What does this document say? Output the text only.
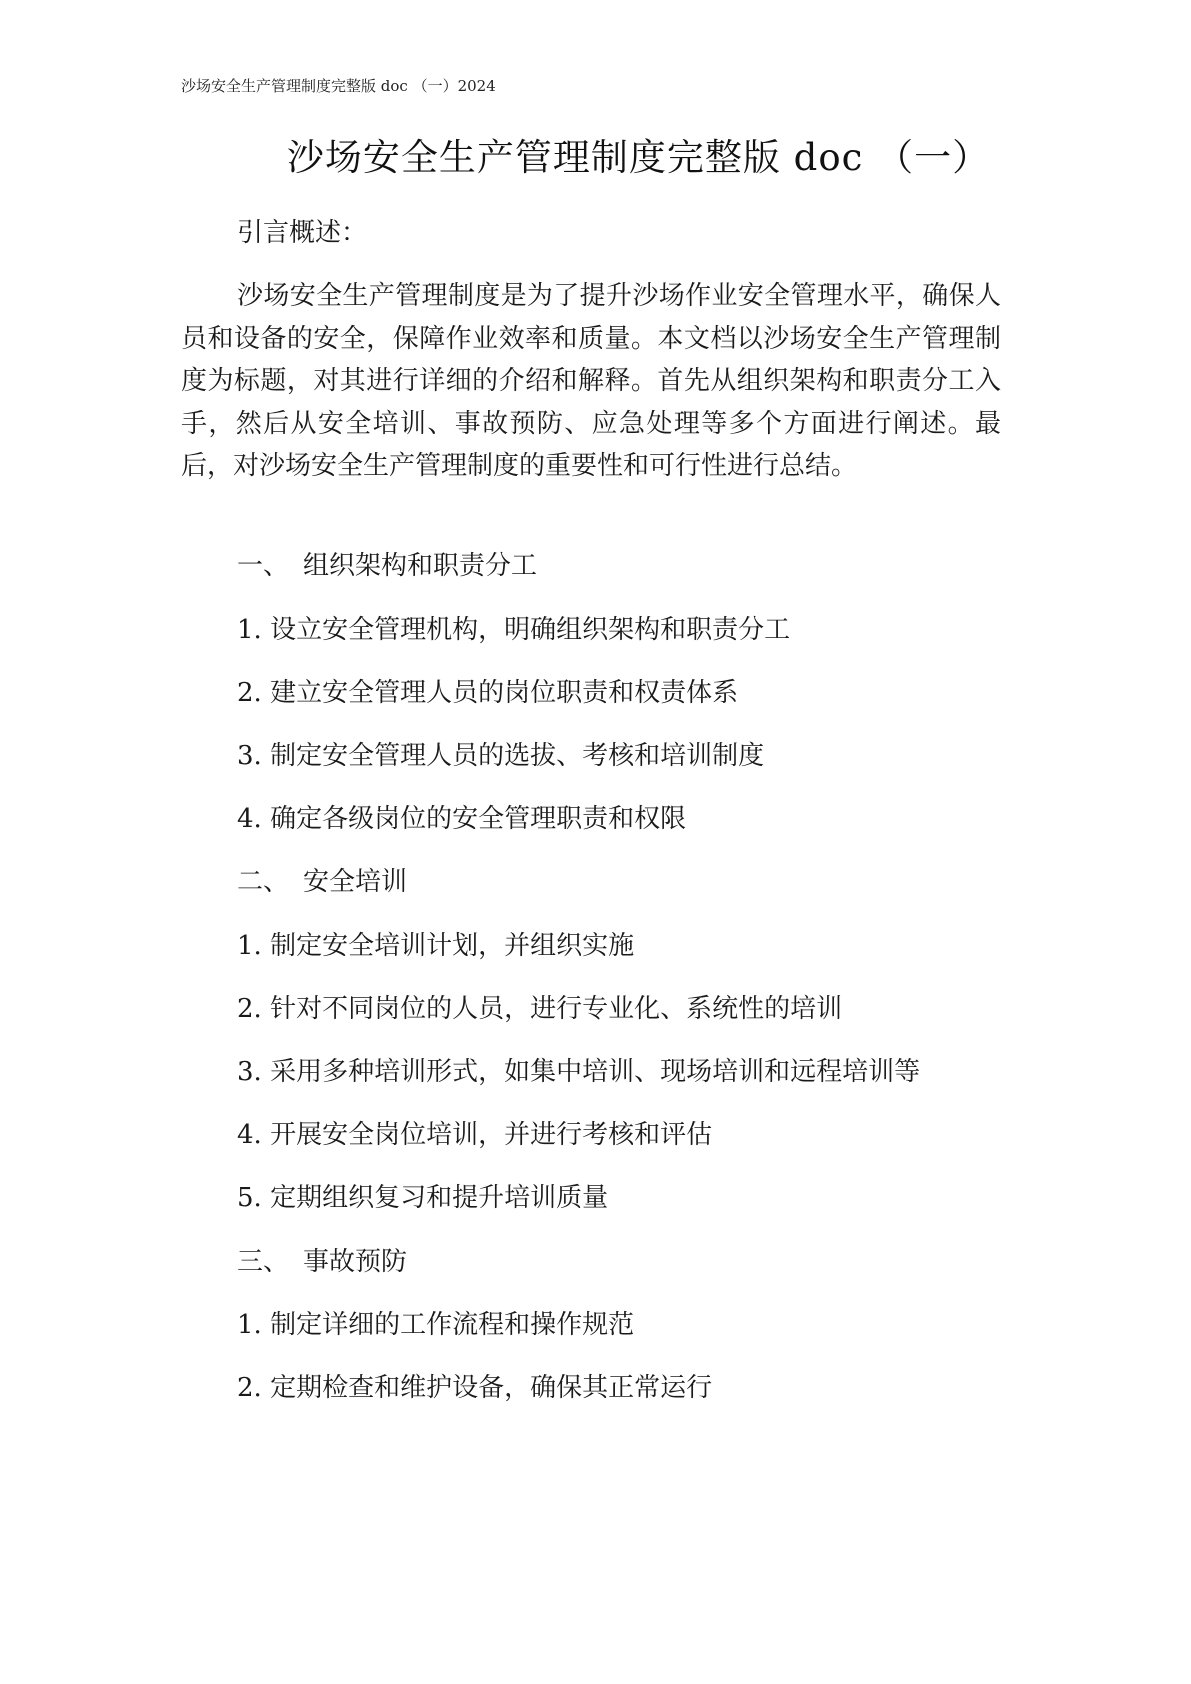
沙场安全生产管理制度完整版 doc （一）2024
沙场安全生产管理制度完整版 doc （一）
引言概述：
沙场安全生产管理制度是为了提升沙场作业安全管理水平，确保人员和设备的安全，保障作业效率和质量。本文档以沙场安全生产管理制度为标题，对其进行详细的介绍和解释。首先从组织架构和职责分工入手，然后从安全培训、事故预防、应急处理等多个方面进行阐述。最后，对沙场安全生产管理制度的重要性和可行性进行总结。
一、 组织架构和职责分工
1. 设立安全管理机构，明确组织架构和职责分工
2. 建立安全管理人员的岗位职责和权责体系
3. 制定安全管理人员的选拔、考核和培训制度
4. 确定各级岗位的安全管理职责和权限
二、 安全培训
1. 制定安全培训计划，并组织实施
2. 针对不同岗位的人员，进行专业化、系统性的培训
3. 采用多种培训形式，如集中培训、现场培训和远程培训等
4. 开展安全岗位培训，并进行考核和评估
5. 定期组织复习和提升培训质量
三、 事故预防
1. 制定详细的工作流程和操作规范
2. 定期检查和维护设备，确保其正常运行
